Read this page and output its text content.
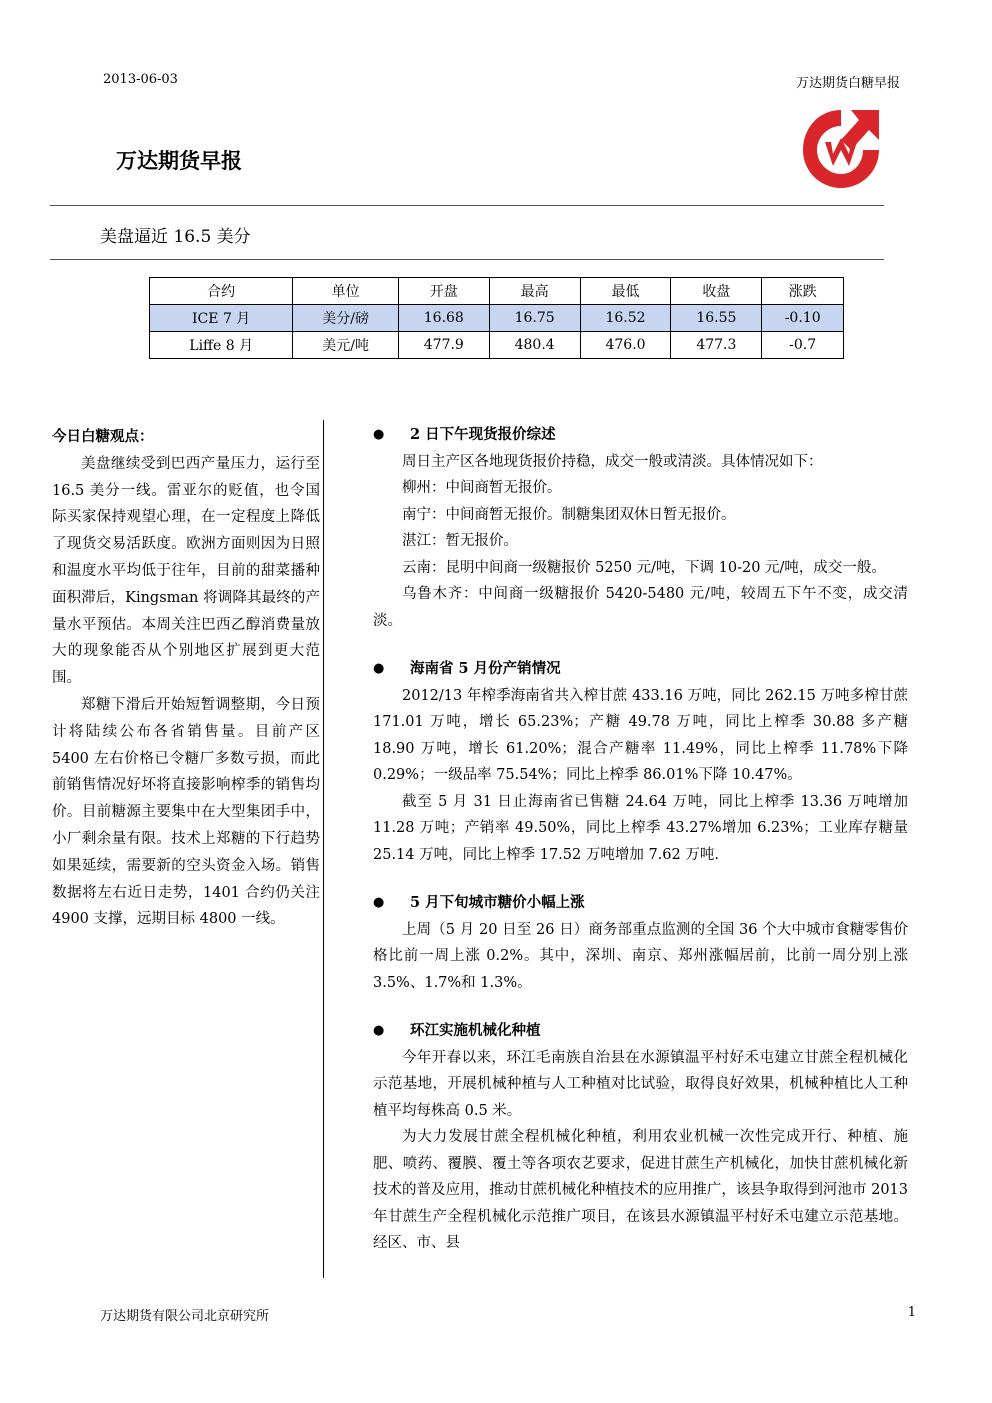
2013-06-03	万达期货白糖早报
万达期货早报
美盘逼近 16.5 美分
合约	单位	开盘	最高	最低	收盘	涨跌
ICE 7 月	美分/磅	16.68	16.75	16.52	16.55	-0.10
Liffe 8 月	美元/吨	477.9	480.4	476.0	477.3	-0.7
今日白糖观点：

美盘继续受到巴西产量压力，运行至 16.5 美分一线。雷亚尔的贬值，也令国际买家保持观望心理，在一定程度上降低了现货交易活跃度。欧洲方面则因为日照和温度水平均低于往年，目前的甜菜播种面积滞后，Kingsman 将调降其最终的产量水平预估。本周关注巴西乙醇消费量放大的现象能否从个别地区扩展到更大范围。

郑糖下滑后开始短暂调整期，今日预计将陆续公布各省销售量。目前产区 5400 左右价格已令糖厂多数亏损，而此前销售情况好坏将直接影响榨季的销售均价。目前糖源主要集中在大型集团手中，小厂剩余量有限。技术上郑糖的下行趋势如果延续，需要新的空头资金入场。销售数据将左右近日走势，1401 合约仍关注 4900 支撑，远期目标 4800 一线。

● 2 日下午现货报价综述

周日主产区各地现货报价持稳，成交一般或清淡。具体情况如下：

柳州：中间商暂无报价。

南宁：中间商暂无报价。制糖集团双休日暂无报价。

湛江：暂无报价。

云南：昆明中间商一级糖报价 5250 元/吨，下调 10-20 元/吨，成交一般。

乌鲁木齐：中间商一级糖报价 5420-5480 元/吨，较周五下午不变，成交清淡。

● 海南省 5 月份产销情况

2012/13 年榨季海南省共入榨甘蔗 433.16 万吨，同比 262.15 万吨多榨甘蔗 171.01 万吨，增长 65.23%；产糖 49.78 万吨，同比上榨季 30.88 多产糖 18.90 万吨，增长 61.20%；混合产糖率 11.49%，同比上榨季 11.78%下降 0.29%；一级品率 75.54%；同比上榨季 86.01%下降 10.47%。

截至 5 月 31 日止海南省已售糖 24.64 万吨，同比上榨季 13.36 万吨增加 11.28 万吨；产销率 49.50%，同比上榨季 43.27%增加 6.23%；工业库存糖量 25.14 万吨，同比上榨季 17.52 万吨增加 7.62 万吨.

● 5 月下旬城市糖价小幅上涨

上周（5 月 20 日至 26 日）商务部重点监测的全国 36 个大中城市食糖零售价格比前一周上涨 0.2%。其中，深圳、南京、郑州涨幅居前，比前一周分别上涨 3.5%、1.7%和 1.3%。

● 环江实施机械化种植

今年开春以来，环江毛南族自治县在水源镇温平村好禾屯建立甘蔗全程机械化示范基地，开展机械种植与人工种植对比试验，取得良好效果，机械种植比人工种植平均每株高 0.5 米。

为大力发展甘蔗全程机械化种植，利用农业机械一次性完成开行、种植、施肥、喷药、覆膜、覆土等各项农艺要求，促进甘蔗生产机械化，加快甘蔗机械化新技术的普及应用，推动甘蔗机械化种植技术的应用推广，该县争取得到河池市 2013 年甘蔗生产全程机械化示范推广项目，在该县水源镇温平村好禾屯建立示范基地。经区、市、县

万达期货有限公司北京研究所	1
